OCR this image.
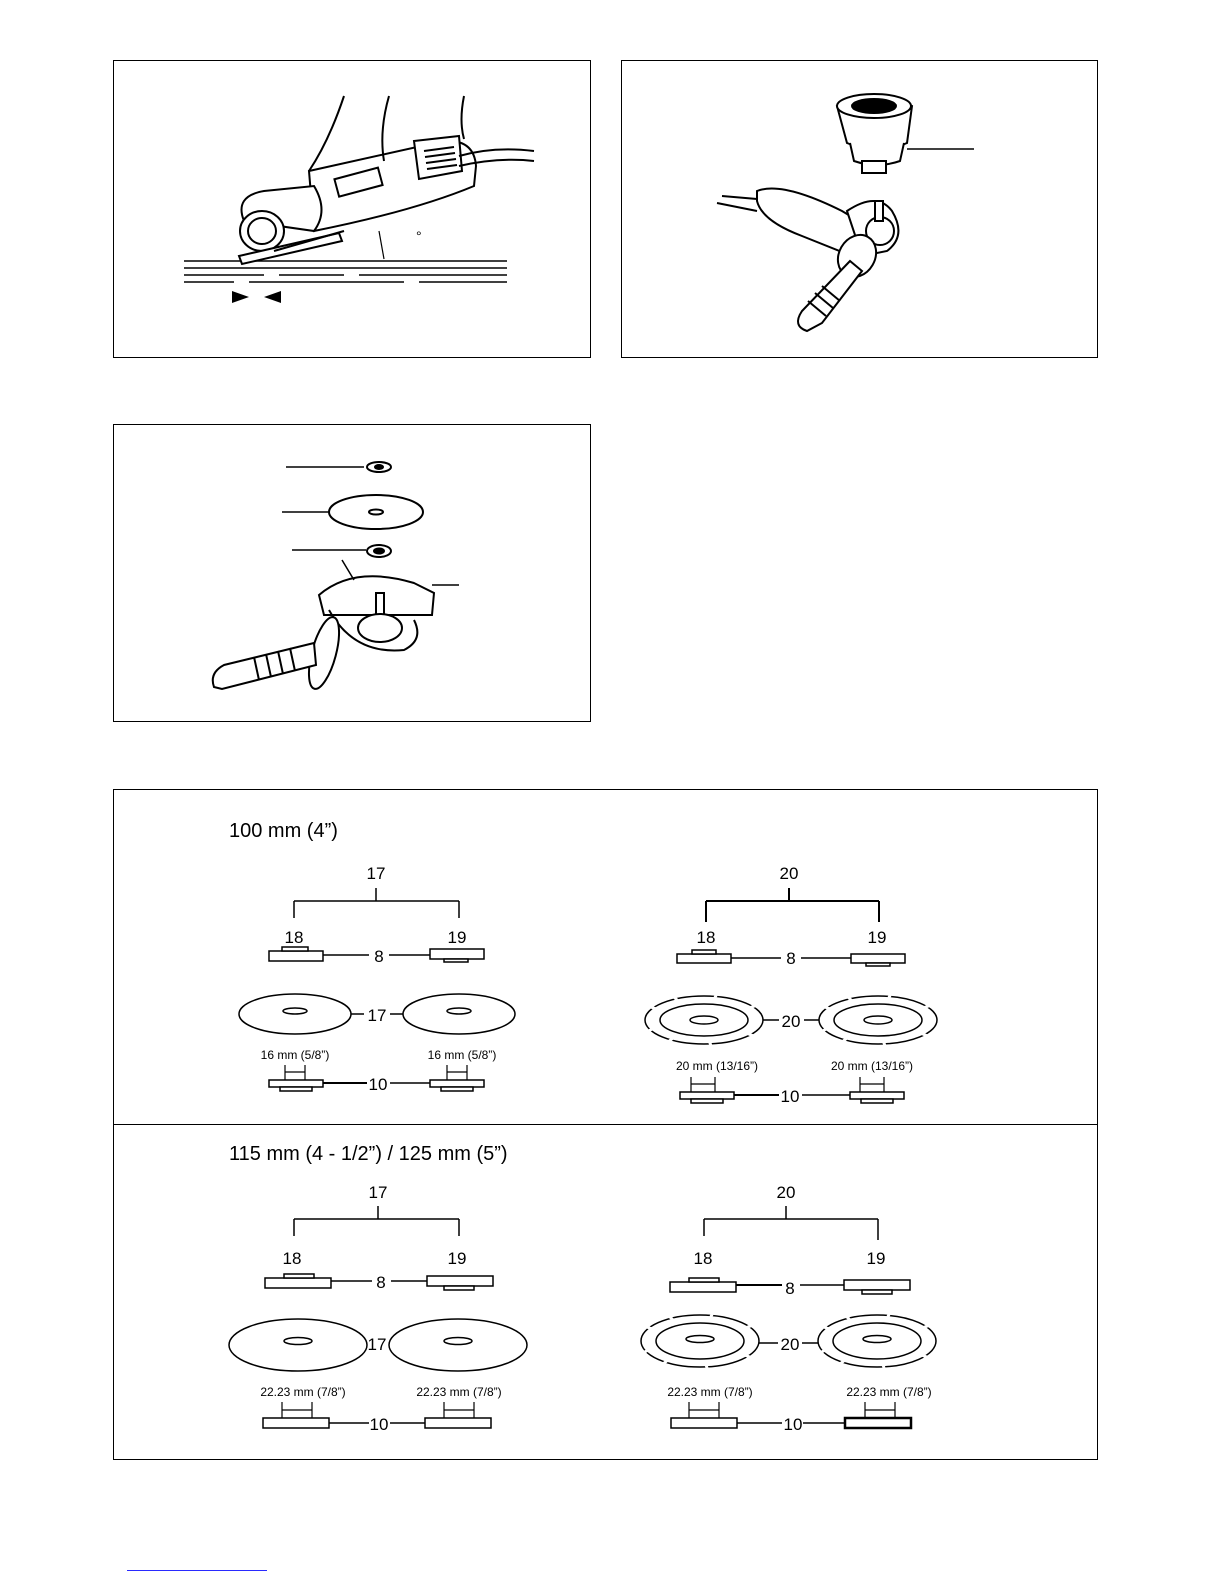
°
100 mm (4”)
17
18	19
8
17
16 mm (5/8”)	16 mm (5/8”)
10
20
18	19
8
20
20 mm (13/16”)	20 mm (13/16”)
10
115 mm (4 - 1/2”) / 125 mm (5”)
17
18	19
8
17
22.23 mm (7/8”)	22.23 mm (7/8”)
10
20
18	19
8
20
22.23 mm (7/8”)	22.23 mm (7/8”)
10
